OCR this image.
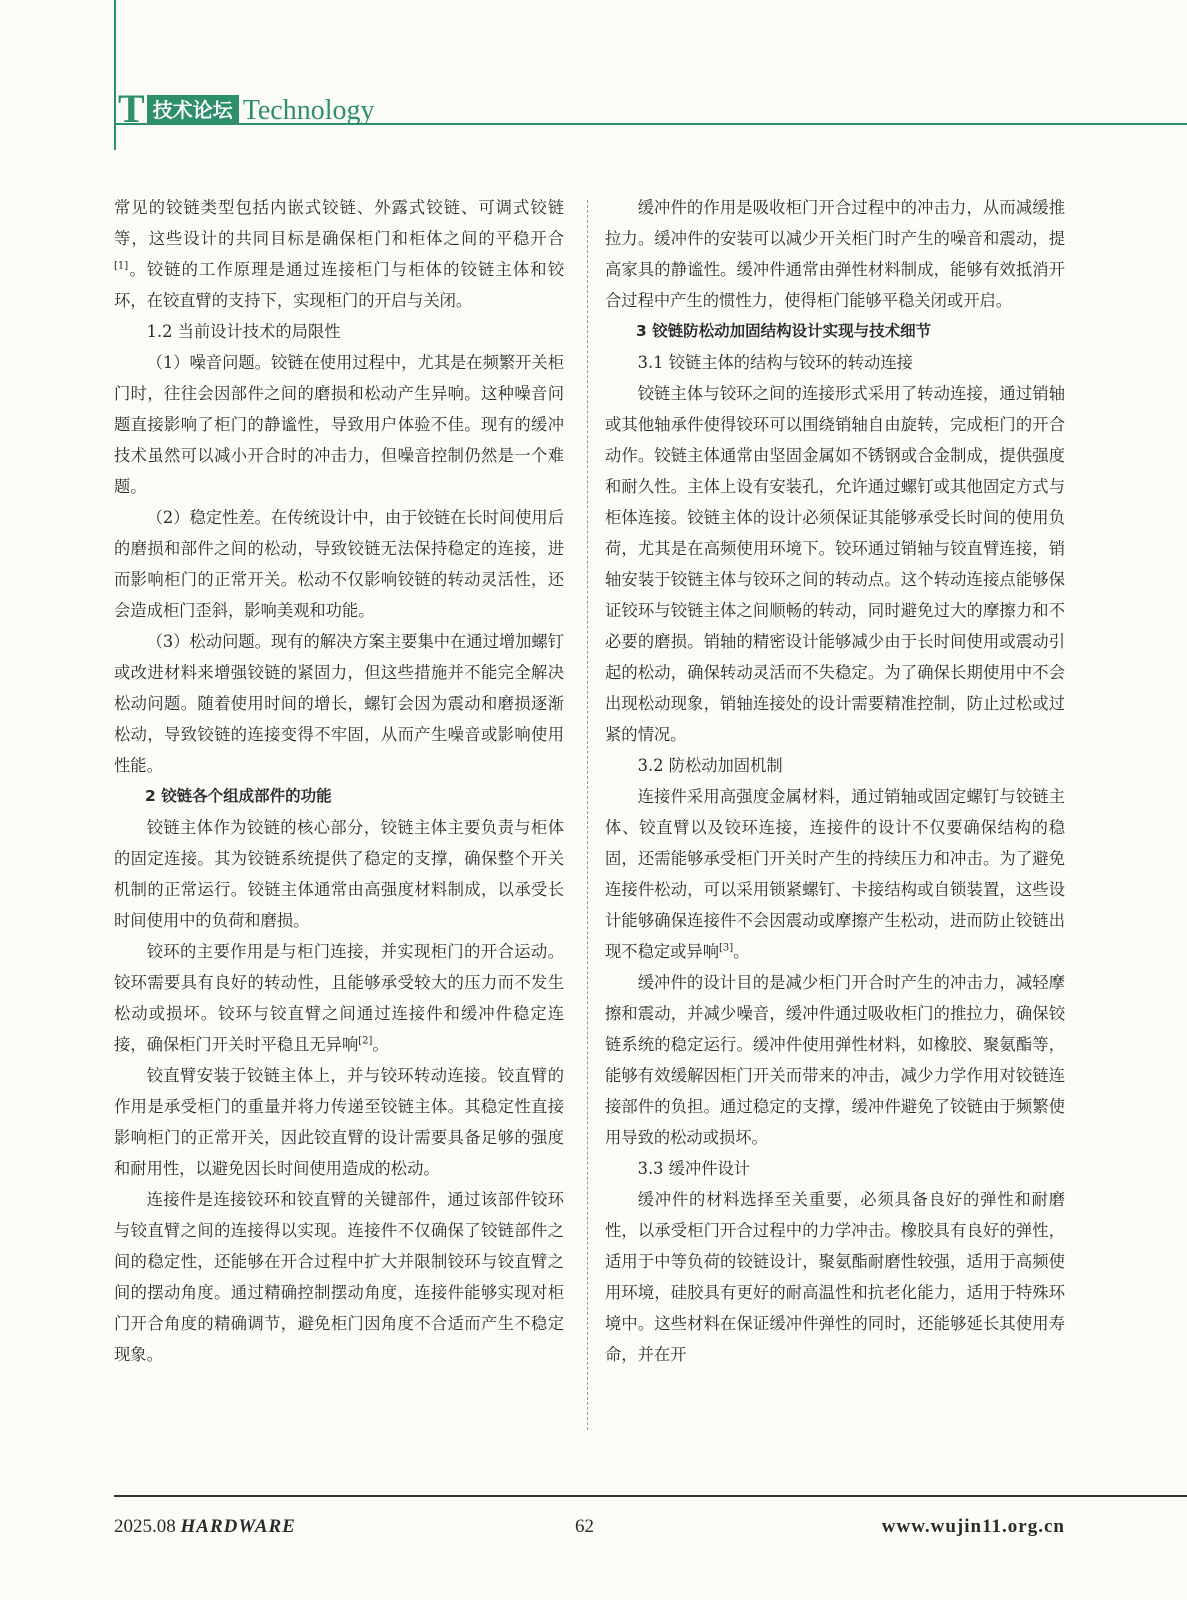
T 技术论坛 Technology

常见的铰链类型包括内嵌式铰链、外露式铰链、可调式铰链等，这些设计的共同目标是确保柜门和柜体之间的平稳开合[1]。铰链的工作原理是通过连接柜门与柜体的铰链主体和铰环，在铰直臂的支持下，实现柜门的开启与关闭。

1.2 当前设计技术的局限性

（1）噪音问题。铰链在使用过程中，尤其是在频繁开关柜门时，往往会因部件之间的磨损和松动产生异响。这种噪音问题直接影响了柜门的静谧性，导致用户体验不佳。现有的缓冲技术虽然可以减小开合时的冲击力，但噪音控制仍然是一个难题。

（2）稳定性差。在传统设计中，由于铰链在长时间使用后的磨损和部件之间的松动，导致铰链无法保持稳定的连接，进而影响柜门的正常开关。松动不仅影响铰链的转动灵活性，还会造成柜门歪斜，影响美观和功能。

（3）松动问题。现有的解决方案主要集中在通过增加螺钉或改进材料来增强铰链的紧固力，但这些措施并不能完全解决松动问题。随着使用时间的增长，螺钉会因为震动和磨损逐渐松动，导致铰链的连接变得不牢固，从而产生噪音或影响使用性能。

2 铰链各个组成部件的功能

铰链主体作为铰链的核心部分，铰链主体主要负责与柜体的固定连接。其为铰链系统提供了稳定的支撑，确保整个开关机制的正常运行。铰链主体通常由高强度材料制成，以承受长时间使用中的负荷和磨损。

铰环的主要作用是与柜门连接，并实现柜门的开合运动。铰环需要具有良好的转动性，且能够承受较大的压力而不发生松动或损坏。铰环与铰直臂之间通过连接件和缓冲件稳定连接，确保柜门开关时平稳且无异响[2]。

铰直臂安装于铰链主体上，并与铰环转动连接。铰直臂的作用是承受柜门的重量并将力传递至铰链主体。其稳定性直接影响柜门的正常开关，因此铰直臂的设计需要具备足够的强度和耐用性，以避免因长时间使用造成的松动。

连接件是连接铰环和铰直臂的关键部件，通过该部件铰环与铰直臂之间的连接得以实现。连接件不仅确保了铰链部件之间的稳定性，还能够在开合过程中扩大并限制铰环与铰直臂之间的摆动角度。通过精确控制摆动角度，连接件能够实现对柜门开合角度的精确调节，避免柜门因角度不合适而产生不稳定现象。

缓冲件的作用是吸收柜门开合过程中的冲击力，从而减缓推拉力。缓冲件的安装可以减少开关柜门时产生的噪音和震动，提高家具的静谧性。缓冲件通常由弹性材料制成，能够有效抵消开合过程中产生的惯性力，使得柜门能够平稳关闭或开启。

3 铰链防松动加固结构设计实现与技术细节

3.1 铰链主体的结构与铰环的转动连接

铰链主体与铰环之间的连接形式采用了转动连接，通过销轴或其他轴承件使得铰环可以围绕销轴自由旋转，完成柜门的开合动作。铰链主体通常由坚固金属如不锈钢或合金制成，提供强度和耐久性。主体上设有安装孔，允许通过螺钉或其他固定方式与柜体连接。铰链主体的设计必须保证其能够承受长时间的使用负荷，尤其是在高频使用环境下。铰环通过销轴与铰直臂连接，销轴安装于铰链主体与铰环之间的转动点。这个转动连接点能够保证铰环与铰链主体之间顺畅的转动，同时避免过大的摩擦力和不必要的磨损。销轴的精密设计能够减少由于长时间使用或震动引起的松动，确保转动灵活而不失稳定。为了确保长期使用中不会出现松动现象，销轴连接处的设计需要精准控制，防止过松或过紧的情况。

3.2 防松动加固机制

连接件采用高强度金属材料，通过销轴或固定螺钉与铰链主体、铰直臂以及铰环连接，连接件的设计不仅要确保结构的稳固，还需能够承受柜门开关时产生的持续压力和冲击。为了避免连接件松动，可以采用锁紧螺钉、卡接结构或自锁装置，这些设计能够确保连接件不会因震动或摩擦产生松动，进而防止铰链出现不稳定或异响[3]。

缓冲件的设计目的是减少柜门开合时产生的冲击力，减轻摩擦和震动，并减少噪音，缓冲件通过吸收柜门的推拉力，确保铰链系统的稳定运行。缓冲件使用弹性材料，如橡胶、聚氨酯等，能够有效缓解因柜门开关而带来的冲击，减少力学作用对铰链连接部件的负担。通过稳定的支撑，缓冲件避免了铰链由于频繁使用导致的松动或损坏。

3.3 缓冲件设计

缓冲件的材料选择至关重要，必须具备良好的弹性和耐磨性，以承受柜门开合过程中的力学冲击。橡胶具有良好的弹性，适用于中等负荷的铰链设计，聚氨酯耐磨性较强，适用于高频使用环境，硅胶具有更好的耐高温性和抗老化能力，适用于特殊环境中。这些材料在保证缓冲件弹性的同时，还能够延长其使用寿命，并在开

2025.08 HARDWARE	62	www.wujin11.org.cn
